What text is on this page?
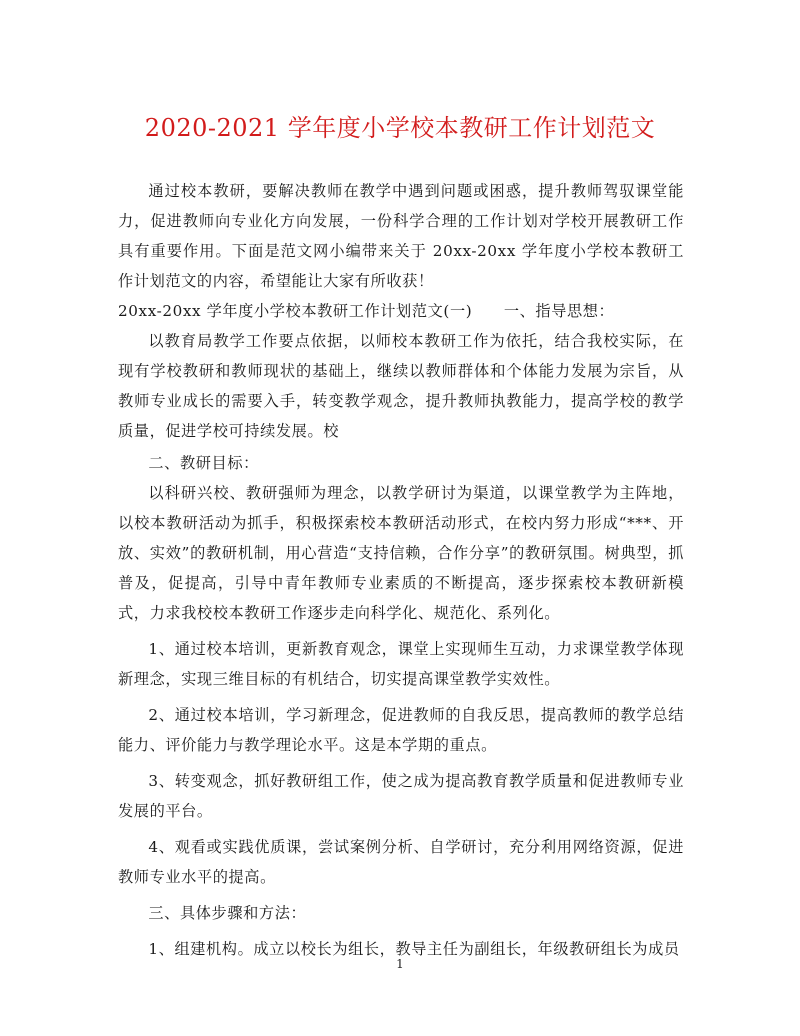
2020-2021 学年度小学校本教研工作计划范文

通过校本教研，要解决教师在教学中遇到问题或困惑，提升教师驾驭课堂能力，促进教师向专业化方向发展，一份科学合理的工作计划对学校开展教研工作具有重要作用。下面是范文网小编带来关于 20xx-20xx 学年度小学校本教研工作计划范文的内容，希望能让大家有所收获！

20xx-20xx 学年度小学校本教研工作计划范文(一)　　一、指导思想：

以教育局教学工作要点依据，以师校本教研工作为依托，结合我校实际，在现有学校教研和教师现状的基础上，继续以教师群体和个体能力发展为宗旨，从教师专业成长的需要入手，转变教学观念，提升教师执教能力，提高学校的教学质量，促进学校可持续发展。校

二、教研目标：

以科研兴校、教研强师为理念，以教学研讨为渠道，以课堂教学为主阵地，以校本教研活动为抓手，积极探索校本教研活动形式，在校内努力形成“***、开放、实效”的教研机制，用心营造“支持信赖，合作分享”的教研氛围。树典型，抓普及，促提高，引导中青年教师专业素质的不断提高，逐步探索校本教研新模式，力求我校校本教研工作逐步走向科学化、规范化、系列化。

1、通过校本培训，更新教育观念，课堂上实现师生互动，力求课堂教学体现新理念，实现三维目标的有机结合，切实提高课堂教学实效性。

2、通过校本培训，学习新理念，促进教师的自我反思，提高教师的教学总结能力、评价能力与教学理论水平。这是本学期的重点。

3、转变观念，抓好教研组工作，使之成为提高教育教学质量和促进教师专业发展的平台。

4、观看或实践优质课，尝试案例分析、自学研讨，充分利用网络资源，促进教师专业水平的提高。

三、具体步骤和方法：

1、组建机构。成立以校长为组长，教导主任为副组长，年级教研组长为成员

1
